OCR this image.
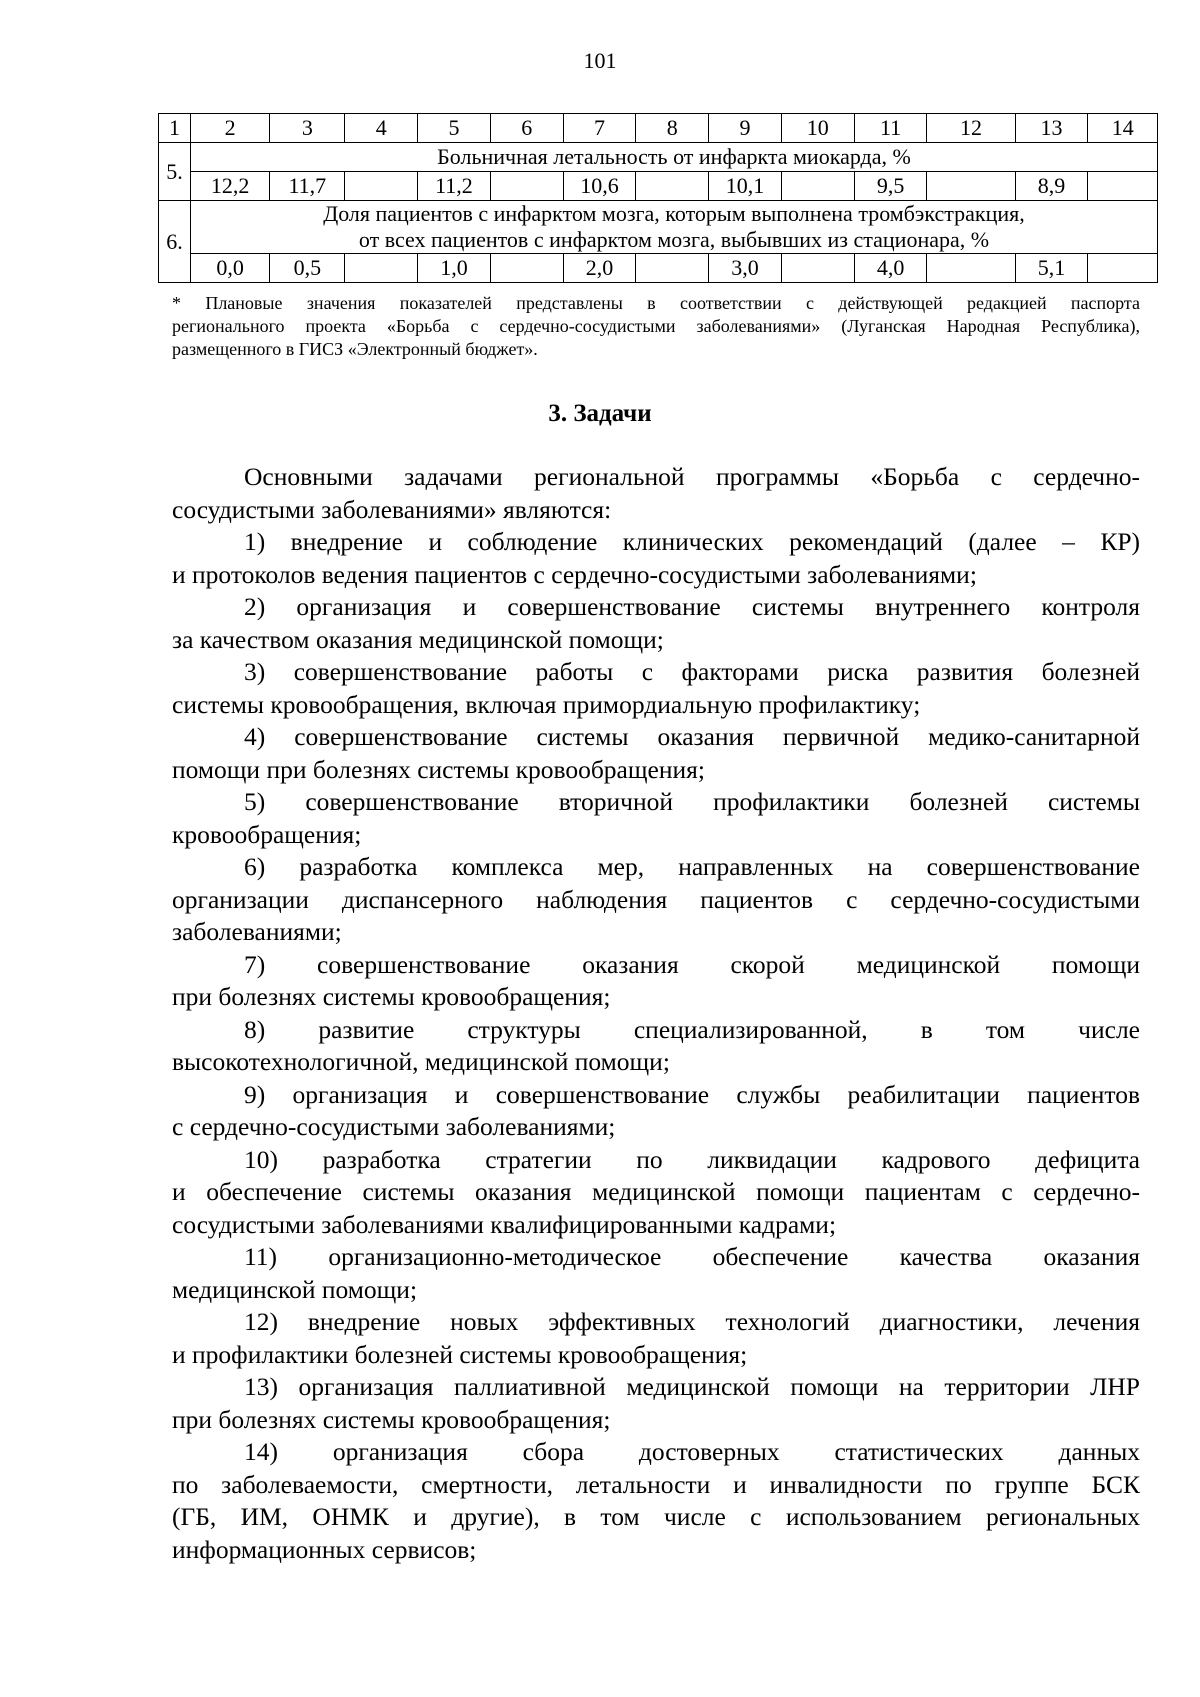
101
1	2	3	4	5	6	7	8	9	10	11	12	13	14
5.	Больничная летальность от инфаркта миокарда, %												

	12,2	11,7		11,2		10,6		10,1		9,5		8,9	
6.	Доля пациентов с инфарктом мозга, которым выполнена тромбэкстракция,
от всех пациентов с инфарктом мозга, выбывших из стационара, %												

	0,0	0,5		1,0		2,0		3,0		4,0		5,1	
* Плановые значения показателей представлены в соответствии с действующей редакцией паспорта
регионального проекта «Борьба с сердечно-сосудистыми заболеваниями» (Луганская Народная Республика),
размещенного в ГИСЗ «Электронный бюджет».
3. Задачи
Основными задачами региональной программы «Борьба с сердечно-
сосудистыми заболеваниями» являются:
1) внедрение и соблюдение клинических рекомендаций (далее – КР)
и протоколов ведения пациентов с сердечно-сосудистыми заболеваниями;
2) организация и совершенствование системы внутреннего контроля
за качеством оказания медицинской помощи;
3) совершенствование работы с факторами риска развития болезней
системы кровообращения, включая примордиальную профилактику;
4) совершенствование системы оказания первичной медико-санитарной
помощи при болезнях системы кровообращения;
5) совершенствование вторичной профилактики болезней системы
кровообращения;
6) разработка комплекса мер, направленных на совершенствование
организации диспансерного наблюдения пациентов с сердечно-сосудистыми
заболеваниями;
7) совершенствование оказания скорой медицинской помощи
при болезнях системы кровообращения;
8) развитие структуры специализированной, в том числе
высокотехнологичной, медицинской помощи;
9) организация и совершенствование службы реабилитации пациентов
с сердечно-сосудистыми заболеваниями;
10) разработка стратегии по ликвидации кадрового дефицита
и обеспечение системы оказания медицинской помощи пациентам с сердечно-
сосудистыми заболеваниями квалифицированными кадрами;
11) организационно-методическое обеспечение качества оказания
медицинской помощи;
12) внедрение новых эффективных технологий диагностики, лечения
и профилактики болезней системы кровообращения;
13) организация паллиативной медицинской помощи на территории ЛНР
при болезнях системы кровообращения;
14) организация сбора достоверных статистических данных
по заболеваемости, смертности, летальности и инвалидности по группе БСК
(ГБ, ИМ, ОНМК и другие), в том числе с использованием региональных
информационных сервисов;
